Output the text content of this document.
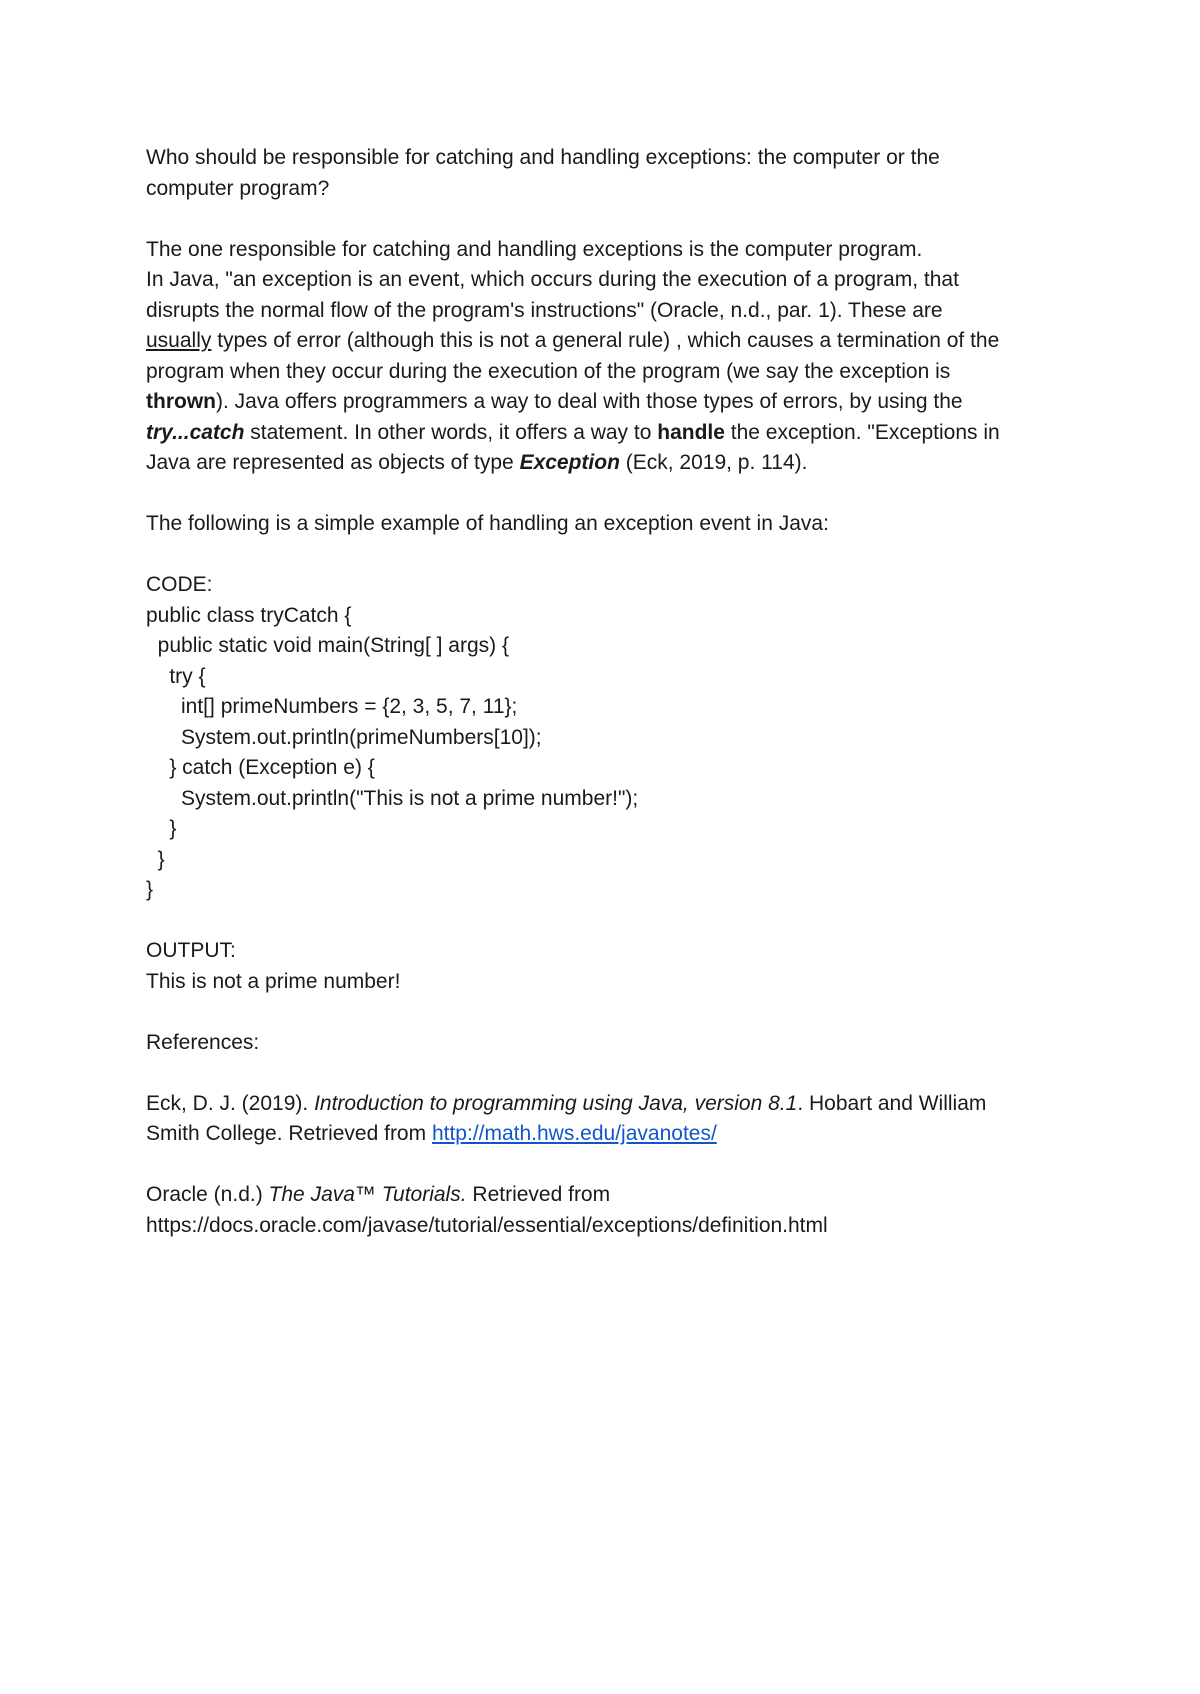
Who should be responsible for catching and handling exceptions: the computer or the

computer program?

The one responsible for catching and handling exceptions is the computer program.

In Java, "an exception is an event, which occurs during the execution of a program, that

disrupts the normal flow of the program's instructions" (Oracle, n.d., par. 1). These are

usually types of error (although this is not a general rule) , which causes a termination of the

program when they occur during the execution of the program (we say the exception is

thrown). Java offers programmers a way to deal with those types of errors, by using the

try...catch statement. In other words, it offers a way to handle the exception. "Exceptions in

Java are represented as objects of type Exception (Eck, 2019, p. 114).

The following is a simple example of handling an exception event in Java:

CODE:

public class tryCatch {

public static void main(String[ ] args) {

try {

int[] primeNumbers = {2, 3, 5, 7, 11};

System.out.println(primeNumbers[10]);

} catch (Exception e) {

System.out.println("This is not a prime number!");

}

}

}

OUTPUT:

This is not a prime number!

References:

Eck, D. J. (2019). Introduction to programming using Java, version 8.1. Hobart and William

Smith College. Retrieved from http://math.hws.edu/javanotes/

Oracle (n.d.) The Java™ Tutorials. Retrieved from

https://docs.oracle.com/javase/tutorial/essential/exceptions/definition.html
